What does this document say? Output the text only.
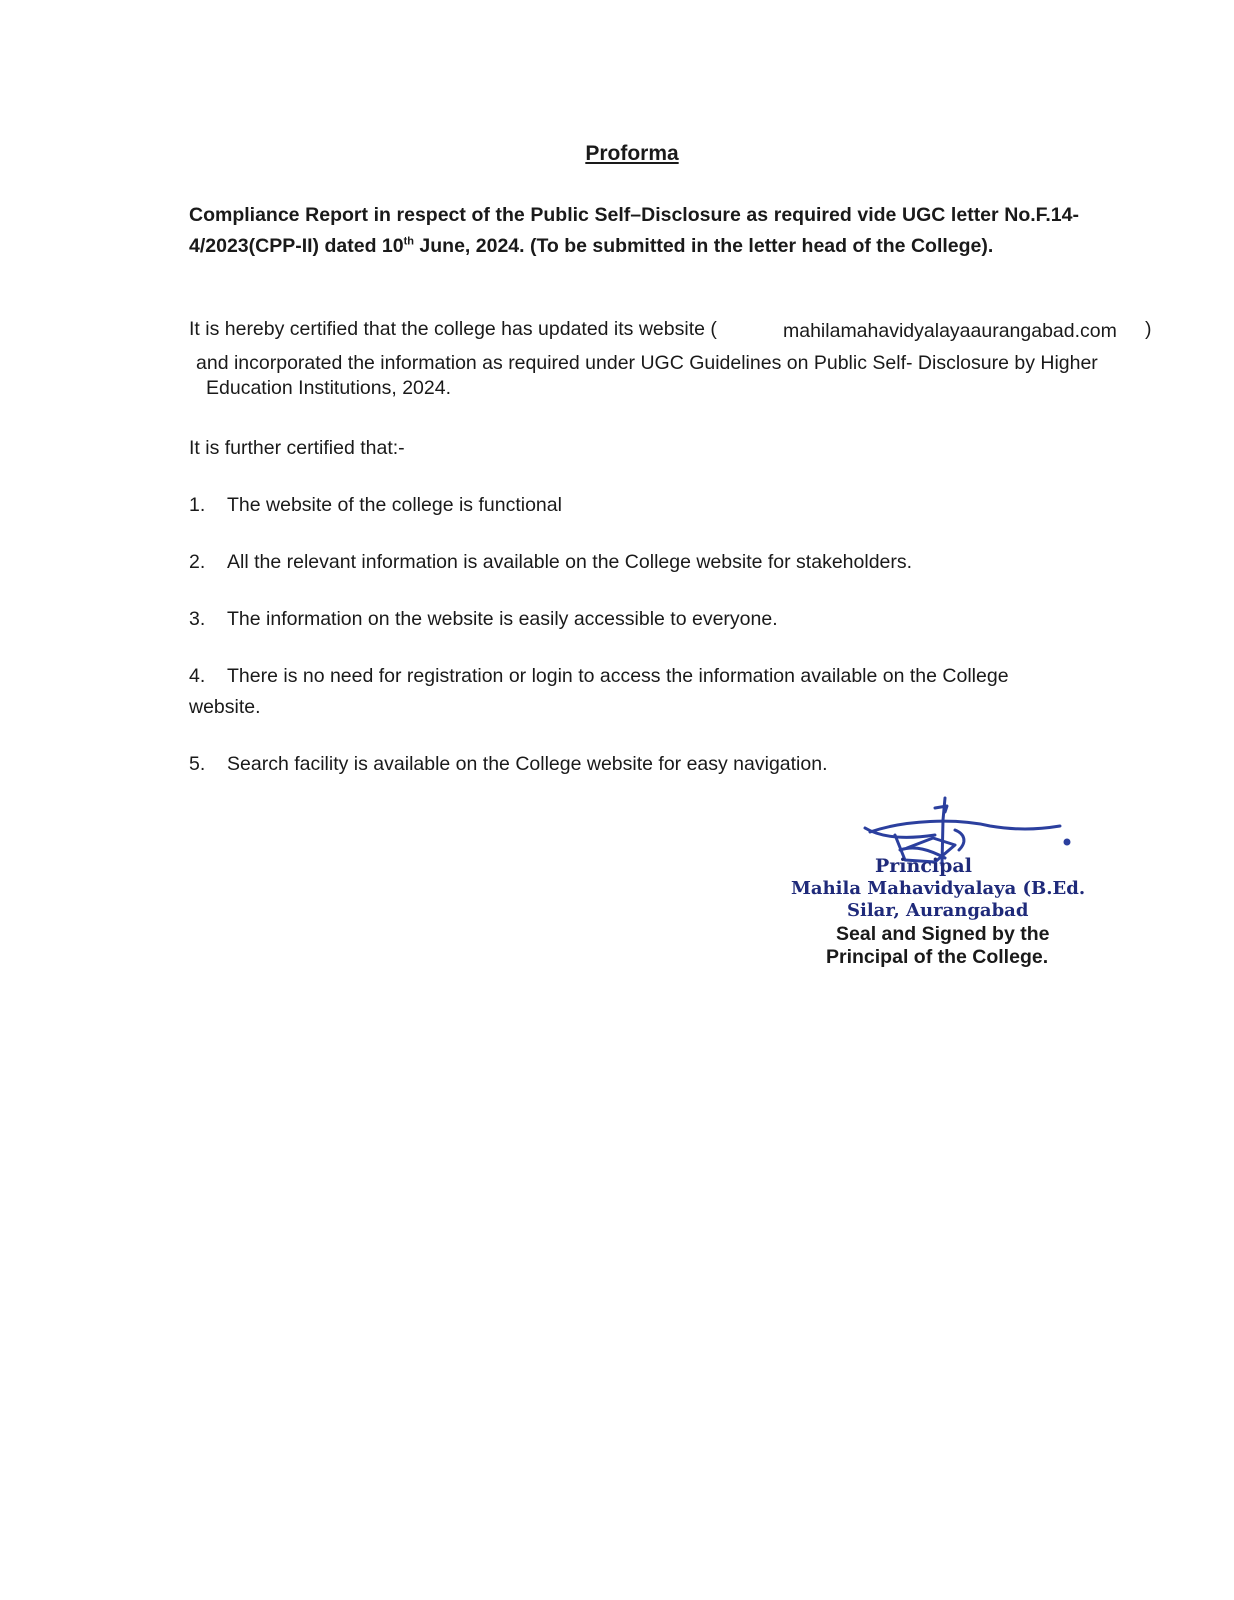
Proforma
Compliance Report in respect of the Public Self–Disclosure as required vide UGC letter No.F.14-4/2023(CPP-II) dated 10th June, 2024. (To be submitted in the letter head of the College).
It is hereby certified that the college has updated its website (	mahilamahavidyalayaaurangabad.com )
and incorporated the information as required under UGC Guidelines on Public Self- Disclosure by Higher
Education Institutions, 2024.
It is further certified that:-
1. The website of the college is functional
2. All the relevant information is available on the College website for stakeholders.
3. The information on the website is easily accessible to everyone.
4. There is no need for registration or login to access the information available on the College
website.
5. Search facility is available on the College website for easy navigation.
Principal
Mahila Mahavidyalaya (B.Ed.
Silar, Aurangabad
Seal and Signed by the
Principal of the College.
